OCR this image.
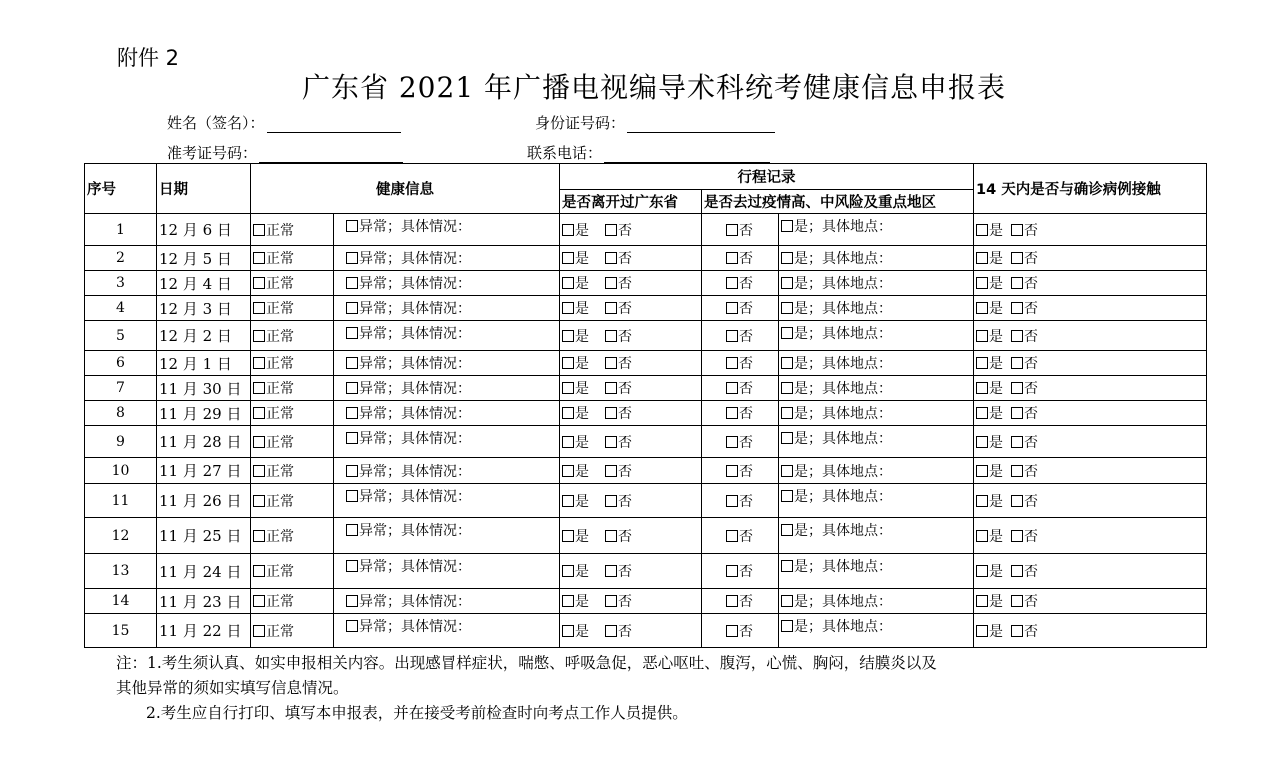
附件 2
广东省 2021 年广播电视编导术科统考健康信息申报表
姓名（签名）：	身份证号码：
准考证号码：	联系电话：
序号	日期	健康信息		行程记录			14 天内是否与确诊病例接触
				是否离开过广东省	是否去过疫情高、中风险及重点地区		
1	12 月 6 日	正常	异常；具体情况：	是 否	否	是；具体地点：	是 否
2	12 月 5 日	正常	异常；具体情况：	是 否	否	是；具体地点：	是 否
3	12 月 4 日	正常	异常；具体情况：	是 否	否	是；具体地点：	是 否
4	12 月 3 日	正常	异常；具体情况：	是 否	否	是；具体地点：	是 否
5	12 月 2 日	正常	异常；具体情况：	是 否	否	是；具体地点：	是 否
6	12 月 1 日	正常	异常；具体情况：	是 否	否	是；具体地点：	是 否
7	11 月 30 日	正常	异常；具体情况：	是 否	否	是；具体地点：	是 否
8	11 月 29 日	正常	异常；具体情况：	是 否	否	是；具体地点：	是 否
9	11 月 28 日	正常	异常；具体情况：	是 否	否	是；具体地点：	是 否
10	11 月 27 日	正常	异常；具体情况：	是 否	否	是；具体地点：	是 否
11	11 月 26 日	正常	异常；具体情况：	是 否	否	是；具体地点：	是 否
12	11 月 25 日	正常	异常；具体情况：	是 否	否	是；具体地点：	是 否
13	11 月 24 日	正常	异常；具体情况：	是 否	否	是；具体地点：	是 否
14	11 月 23 日	正常	异常；具体情况：	是 否	否	是；具体地点：	是 否
15	11 月 22 日	正常	异常；具体情况：	是 否	否	是；具体地点：	是 否

注：1.考生须认真、如实申报相关内容。出现感冒样症状，喘憋、呼吸急促，恶心呕吐、腹泻，心慌、胸闷，结膜炎以及

其他异常的须如实填写信息情况。

2.考生应自行打印、填写本申报表，并在接受考前检查时向考点工作人员提供。
